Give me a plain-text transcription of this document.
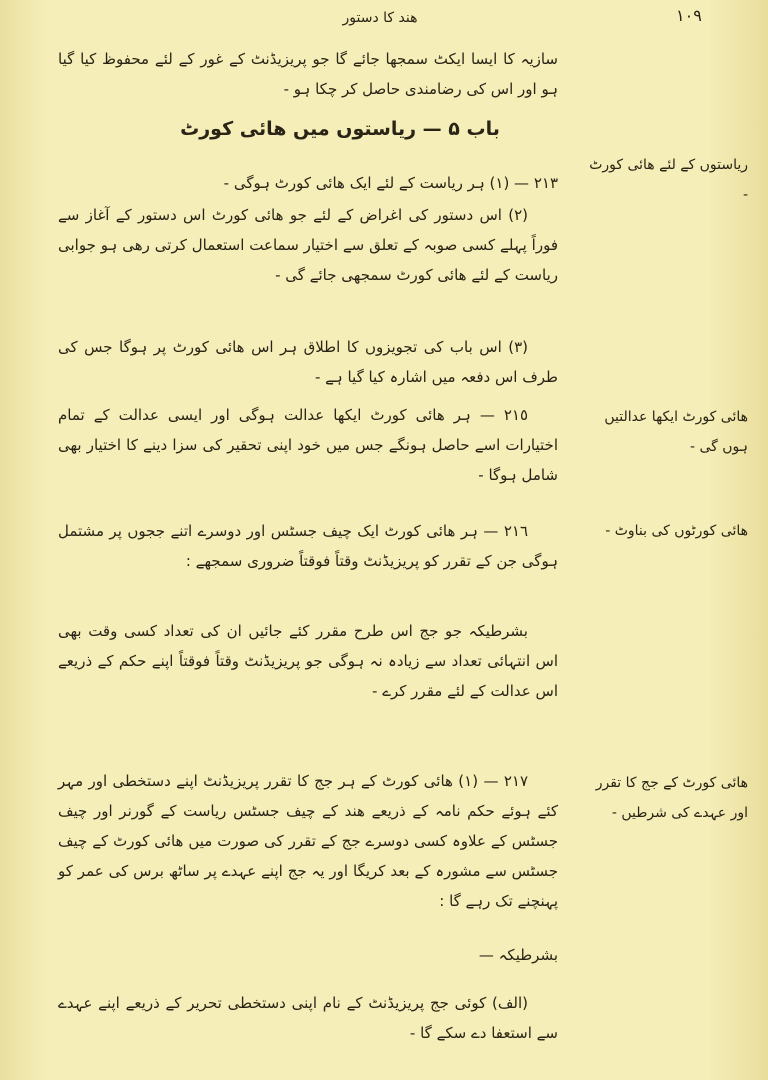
ھند کا دستور	١٠٩
سازیہ کا ایسا ایکٹ سمجھا جائے گا جو پریزیڈنٹ کے غور کے لئے محفوظ کیا گیا ہو اور اس کی رضامندی حاصل کر چکا ہو -
باب ۵ — ریاستوں میں ھائی کورٹ
ریاستوں کے لئے ھائی کورٹ -
٢١٣ — (١) ہر ریاست کے لئے ایک ھائی کورٹ ہوگی -
(٢) اس دستور کی اغراض کے لئے جو ھائی کورٹ اس دستور کے آغاز سے فوراً پہلے کسی صوبہ کے تعلق سے اختیار سماعت استعمال کرتی رھی ہو جوابی ریاست کے لئے ھائی کورٹ سمجھی جائے گی -
(٣) اس باب کی تجویزوں کا اطلاق ہر اس ھائی کورٹ پر ہوگا جس کی طرف اس دفعہ میں اشارہ کیا گیا ہے -
ھائی کورٹ ایکھا عدالتیں ہوں گی -
٢١٥ — ہر ھائی کورٹ ایکھا عدالت ہوگی اور ایسی عدالت کے تمام اختیارات اسے حاصل ہونگے جس میں خود اپنی تحقیر کی سزا دینے کا اختیار بھی شامل ہوگا -
ھائی کورٹوں کی بناوٹ -
٢١٦ — ہر ھائی کورٹ ایک چیف جسٹس اور دوسرے اتنے ججوں پر مشتمل ہوگی جن کے تقرر کو پریزیڈنٹ وقتاً فوقتاً ضروری سمجھے :
بشرطیکہ جو جج اس طرح مقرر کئے جائیں ان کی تعداد کسی وقت بھی اس انتہائی تعداد سے زیادہ نہ ہوگی جو پریزیڈنٹ وقتاً فوقتاً اپنے حکم کے ذریعے اس عدالت کے لئے مقرر کرے -
ھائی کورٹ کے جج کا تقرر اور عہدے کی شرطیں -
٢١٧ — (١) ھائی کورٹ کے ہر جج کا تقرر پریزیڈنٹ اپنے دستخطی اور مہر کئے ہوئے حکم نامہ کے ذریعے ھند کے چیف جسٹس ریاست کے گورنر اور چیف جسٹس کے علاوہ کسی دوسرے جج کے تقرر کی صورت میں ھائی کورٹ کے چیف جسٹس سے مشورہ کے بعد کریگا اور یہ جج اپنے عہدے پر ساٹھ برس کی عمر کو پہنچنے تک رہے گا :
بشرطیکہ —
(الف) کوئی جج پریزیڈنٹ کے نام اپنی دستخطی تحریر کے ذریعے اپنے عہدے سے استعفا دے سکے گا -
